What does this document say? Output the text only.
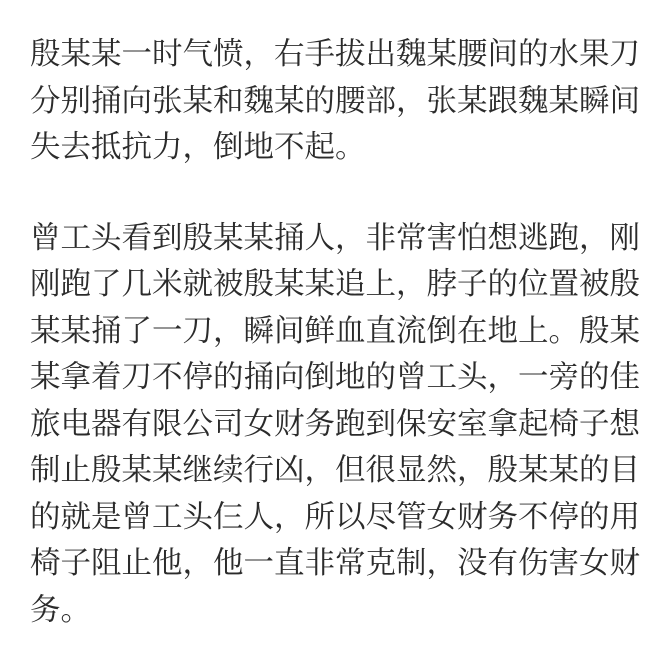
殷某某一时气愤，右手拔出魏某腰间的水果刀
分别捅向张某和魏某的腰部，张某跟魏某瞬间
失去抵抗力，倒地不起。
曾工头看到殷某某捅人，非常害怕想逃跑，刚
刚跑了几米就被殷某某追上，脖子的位置被殷
某某捅了一刀，瞬间鲜血直流倒在地上。殷某
某拿着刀不停的捅向倒地的曾工头，一旁的佳
旅电器有限公司女财务跑到保安室拿起椅子想
制止殷某某继续行凶，但很显然，殷某某的目
的就是曾工头仨人，所以尽管女财务不停的用
椅子阻止他，他一直非常克制，没有伤害女财
务。
